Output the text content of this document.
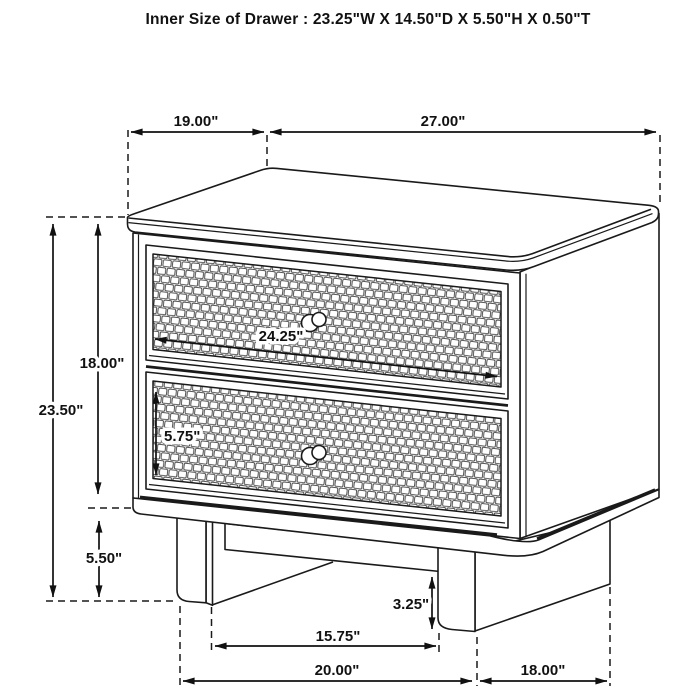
Inner Size of Drawer : 23.25"W X 14.50"D X 5.50"H X 0.50"T
19.00"	27.00"
23.50"
18.00"
5.50"
24.25"
5.75"
3.25"
15.75"
20.00"	18.00"
